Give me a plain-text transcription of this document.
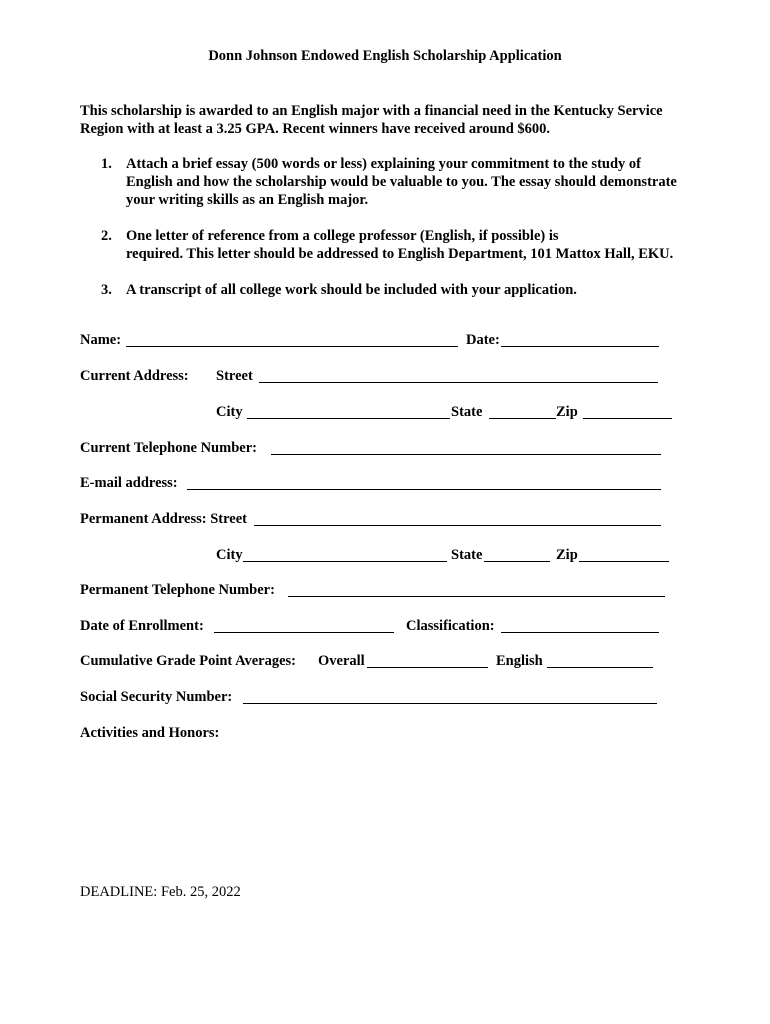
Donn Johnson Endowed English Scholarship Application
This scholarship is awarded to an English major with a financial need in the Kentucky Service
Region with at least a 3.25 GPA. Recent winners have received around $600.
1. Attach a brief essay (500 words or less) explaining your commitment to the study of
English and how the scholarship would be valuable to you. The essay should demonstrate
your writing skills as an English major.
2. One letter of reference from a college professor (English, if possible) is
required. This letter should be addressed to English Department, 101 Mattox Hall, EKU.
3. A transcript of all college work should be included with your application.
Name:	Date:
Current Address: Street
City	State	Zip
Current Telephone Number:
E-mail address:
Permanent Address: Street
City	State	Zip
Permanent Telephone Number:
Date of Enrollment:	Classification:
Cumulative Grade Point Averages: Overall	English
Social Security Number:
Activities and Honors:
DEADLINE: Feb. 25, 2022
